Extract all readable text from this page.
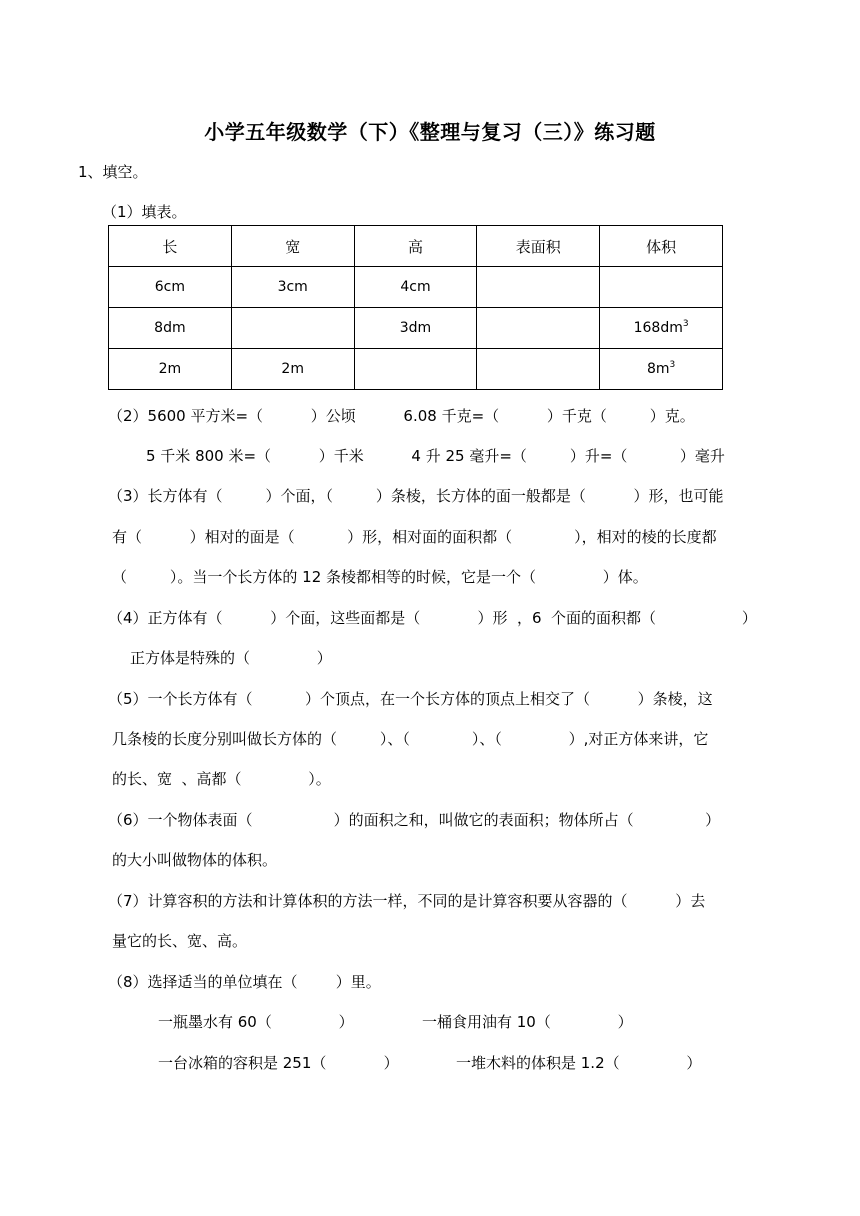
小学五年级数学（下）《整理与复习（三）》练习题
1、填空。
（1）填表。
长	宽	高	表面积	体积
6cm	3cm	4cm		
8dm		3dm		$168dm^3$
2m	2m			$8m^3$
（2）5600 平方米=（          ）公顷          6.08 千克=（          ）千克（         ）克。
5 千米 800 米=（          ）千米          4 升 25 毫升=（         ）升=（           ）毫升
（3）长方体有（         ）个面，（         ）条棱，长方体的面一般都是（          ）形，也可能
有（          ）相对的面是（           ）形，相对面的面积都（             ），相对的棱的长度都
（         ）。当一个长方体的 12 条棱都相等的时候，它是一个（              ）体。
（4）正方体有（          ）个面，这些面都是（            ）形  ，6  个面的面积都（                  ）
正方体是特殊的（              ）
（5）一个长方体有（           ）个顶点，在一个长方体的顶点上相交了（          ）条棱，这
几条棱的长度分别叫做长方体的（         ）、（             ）、（              ）,对正方体来讲，它
的长、宽  、高都（              ）。
（6）一个物体表面（                 ）的面积之和，叫做它的表面积；物体所占（               ）
的大小叫做物体的体积。
（7）计算容积的方法和计算体积的方法一样，不同的是计算容积要从容器的（          ）去
量它的长、宽、高。
（8）选择适当的单位填在（        ）里。
一瓶墨水有 60（              ）	一桶食用油有 10（              ）
一台冰箱的容积是 251（            ）	一堆木料的体积是 1.2（              ）
